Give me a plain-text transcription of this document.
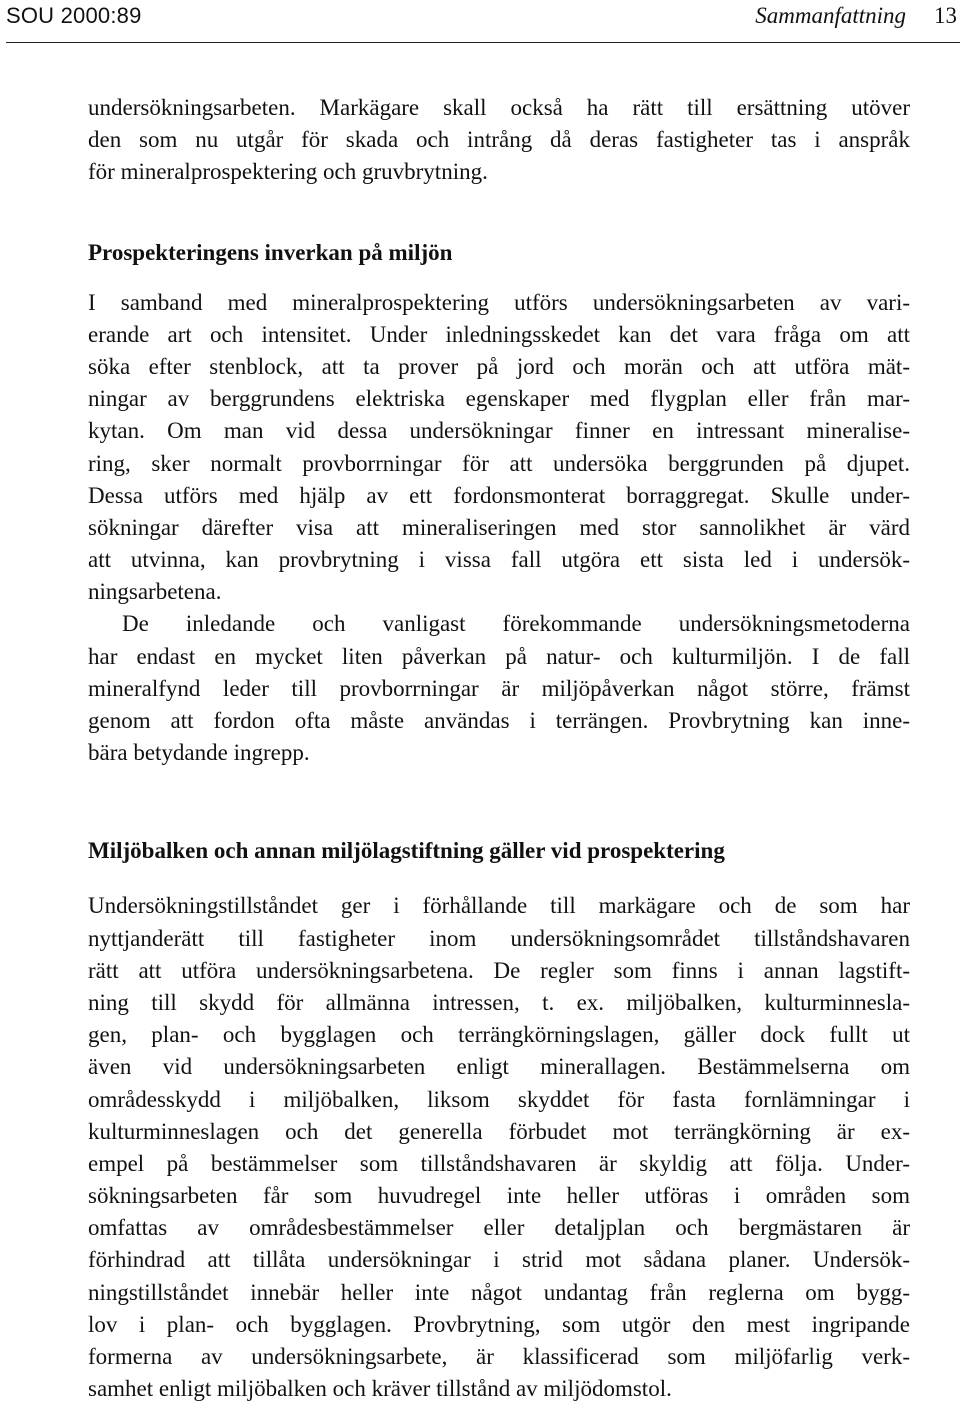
SOU 2000:89	Sammanfattning 13
undersökningsarbeten. Markägare skall också ha rätt till ersättning utöver
den som nu utgår för skada och intrång då deras fastigheter tas i anspråk
för mineralprospektering och gruvbrytning.
Prospekteringens inverkan på miljön
I samband med mineralprospektering utförs undersökningsarbeten av vari-
erande art och intensitet. Under inledningsskedet kan det vara fråga om att
söka efter stenblock, att ta prover på jord och morän och att utföra mät-
ningar av berggrundens elektriska egenskaper med flygplan eller från mar-
kytan. Om man vid dessa undersökningar finner en intressant mineralise-
ring, sker normalt provborrningar för att undersöka berggrunden på djupet.
Dessa utförs med hjälp av ett fordonsmonterat borraggregat. Skulle under-
sökningar därefter visa att mineraliseringen med stor sannolikhet är värd
att utvinna, kan provbrytning i vissa fall utgöra ett sista led i undersök-
ningsarbetena.
De inledande och vanligast förekommande undersökningsmetoderna
har endast en mycket liten påverkan på natur- och kulturmiljön. I de fall
mineralfynd leder till provborrningar är miljöpåverkan något större, främst
genom att fordon ofta måste användas i terrängen. Provbrytning kan inne-
bära betydande ingrepp.
Miljöbalken och annan miljölagstiftning gäller vid prospektering
Undersökningstillståndet ger i förhållande till markägare och de som har
nyttjanderätt till fastigheter inom undersökningsområdet tillståndshavaren
rätt att utföra undersökningsarbetena. De regler som finns i annan lagstift-
ning till skydd för allmänna intressen, t. ex. miljöbalken, kulturminnesla-
gen, plan- och bygglagen och terrängkörningslagen, gäller dock fullt ut
även vid undersökningsarbeten enligt minerallagen. Bestämmelserna om
områdesskydd i miljöbalken, liksom skyddet för fasta fornlämningar i
kulturminneslagen och det generella förbudet mot terrängkörning är ex-
empel på bestämmelser som tillståndshavaren är skyldig att följa. Under-
sökningsarbeten får som huvudregel inte heller utföras i områden som
omfattas av områdesbestämmelser eller detaljplan och bergmästaren är
förhindrad att tillåta undersökningar i strid mot sådana planer. Undersök-
ningstillståndet innebär heller inte något undantag från reglerna om bygg-
lov i plan- och bygglagen. Provbrytning, som utgör den mest ingripande
formerna av undersökningsarbete, är klassificerad som miljöfarlig verk-
samhet enligt miljöbalken och kräver tillstånd av miljödomstol.
